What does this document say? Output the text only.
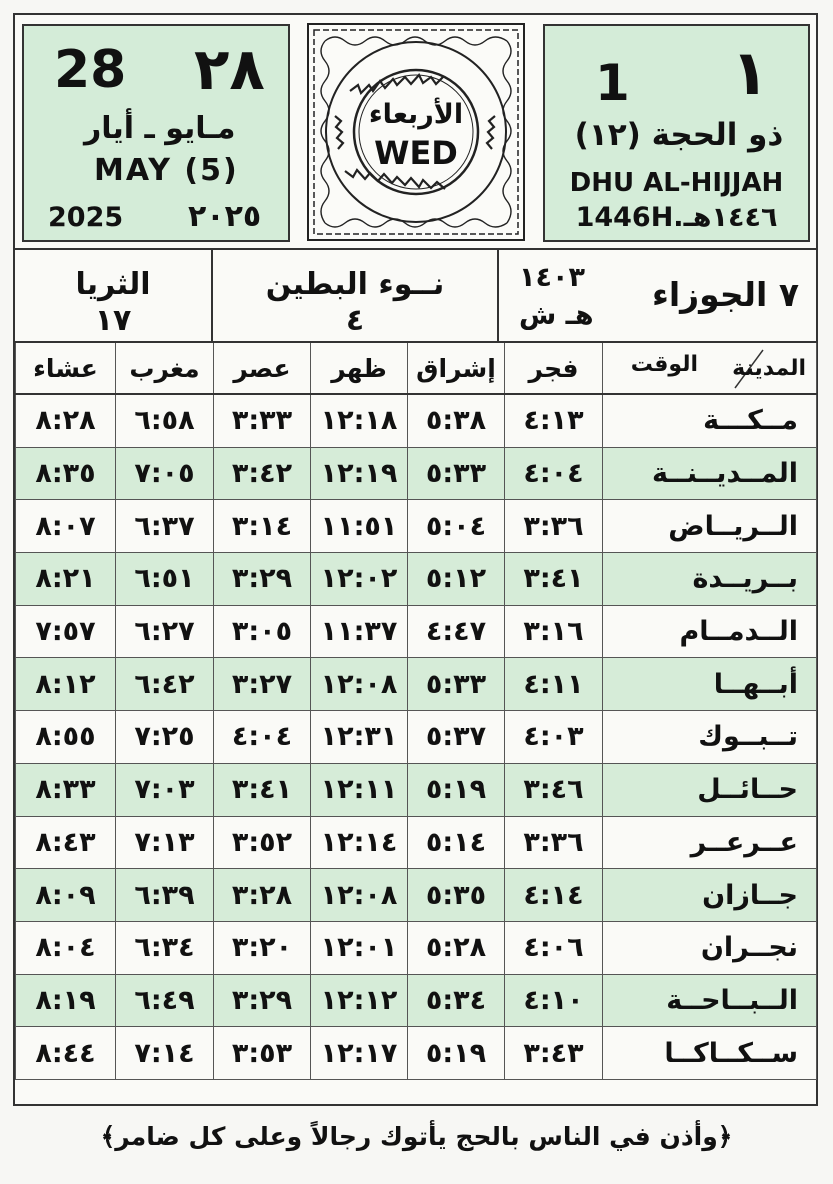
28 ٢٨
مـايو ـ أيار
MAY (5)
2025 ٢٠٢٥
الأربعاء
WED
1 ١
ذو الحجة (١٢)
DHU AL-HIJJAH
1446H.١٤٤٦هـ
الثريا
١٧
نــوء البطين
٤
١٤٠٣
هـ ش
٧ الجوزاء
المدينة
الوقت	فجر	إشراق	ظهر	عصر	مغرب	عشاء
مــكـــة	٤:١٣	٥:٣٨	١٢:١٨	٣:٣٣	٦:٥٨	٨:٢٨
المــديــنــة	٤:٠٤	٥:٣٣	١٢:١٩	٣:٤٢	٧:٠٥	٨:٣٥
الــريــاض	٣:٣٦	٥:٠٤	١١:٥١	٣:١٤	٦:٣٧	٨:٠٧
بــريــدة	٣:٤١	٥:١٢	١٢:٠٢	٣:٢٩	٦:٥١	٨:٢١
الــدمــام	٣:١٦	٤:٤٧	١١:٣٧	٣:٠٥	٦:٢٧	٧:٥٧
أبــهــا	٤:١١	٥:٣٣	١٢:٠٨	٣:٢٧	٦:٤٢	٨:١٢
تــبــوك	٤:٠٣	٥:٣٧	١٢:٣١	٤:٠٤	٧:٢٥	٨:٥٥
حــائــل	٣:٤٦	٥:١٩	١٢:١١	٣:٤١	٧:٠٣	٨:٣٣
عــرعــر	٣:٣٦	٥:١٤	١٢:١٤	٣:٥٢	٧:١٣	٨:٤٣
جــازان	٤:١٤	٥:٣٥	١٢:٠٨	٣:٢٨	٦:٣٩	٨:٠٩
نجــران	٤:٠٦	٥:٢٨	١٢:٠١	٣:٢٠	٦:٣٤	٨:٠٤
الــبــاحــة	٤:١٠	٥:٣٤	١٢:١٢	٣:٢٩	٦:٤٩	٨:١٩
ســكــاكــا	٣:٤٣	٥:١٩	١٢:١٧	٣:٥٣	٧:١٤	٨:٤٤
﴿وأذن في الناس بالحج يأتوك رجالاً وعلى كل ضامر﴾
